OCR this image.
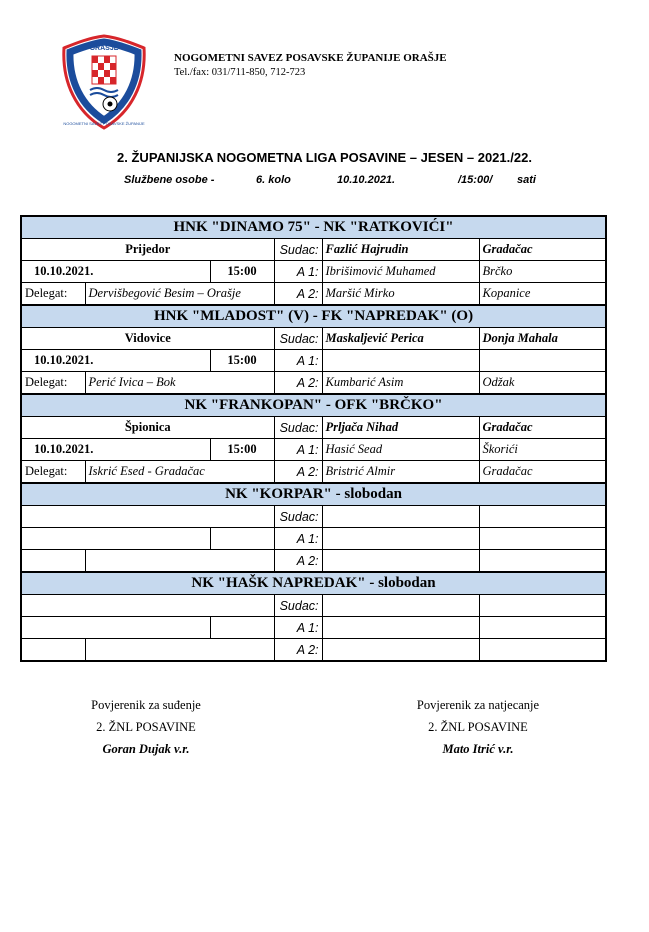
ORAŠJE
NOGOMETNI SAVEZ POSAVSKE ŽUPANIJE
NOGOMETNI SAVEZ POSAVSKE ŽUPANIJE ORAŠJE
Tel./fax: 031/711-850, 712-723
2. ŽUPANIJSKA NOGOMETNA LIGA POSAVINE – JESEN – 2021./22.
Službene osobe -	6. kolo	10.10.2021.	/15:00/ sati
HNK "DINAMO 75" - NK "RATKOVIĆI"					
Prijedor			Sudac:	Fazlić Hajrudin	Gradačac
10.10.2021.		15:00	A 1:	Ibrišimović Muhamed	Brčko
Delegat:	Dervišbegović Besim – Orašje		A 2:	Maršić Mirko	Kopanice
HNK "MLADOST" (V) - FK "NAPREDAK" (O)					
Vidovice			Sudac:	Maskaljević Perica	Donja Mahala
10.10.2021.		15:00	A 1:		
Delegat:	Perić Ivica – Bok		A 2:	Kumbarić Asim	Odžak
NK "FRANKOPAN" - OFK "BRČKO"					
Špionica			Sudac:	Prljača Nihad	Gradačac
10.10.2021.		15:00	A 1:	Hasić Sead	Škorići
Delegat:	Iskrić Esed - Gradačac		A 2:	Bristrić Almir	Gradačac
NK "KORPAR" - slobodan					
			Sudac:		
			A 1:		
			A 2:		
NK "HAŠK NAPREDAK" - slobodan					
			Sudac:		
			A 1:		
			A 2:		
Povjerenik za suđenje
2. ŽNL POSAVINE
Goran Dujak v.r.
Povjerenik za natjecanje
2. ŽNL POSAVINE
Mato Itrić v.r.
